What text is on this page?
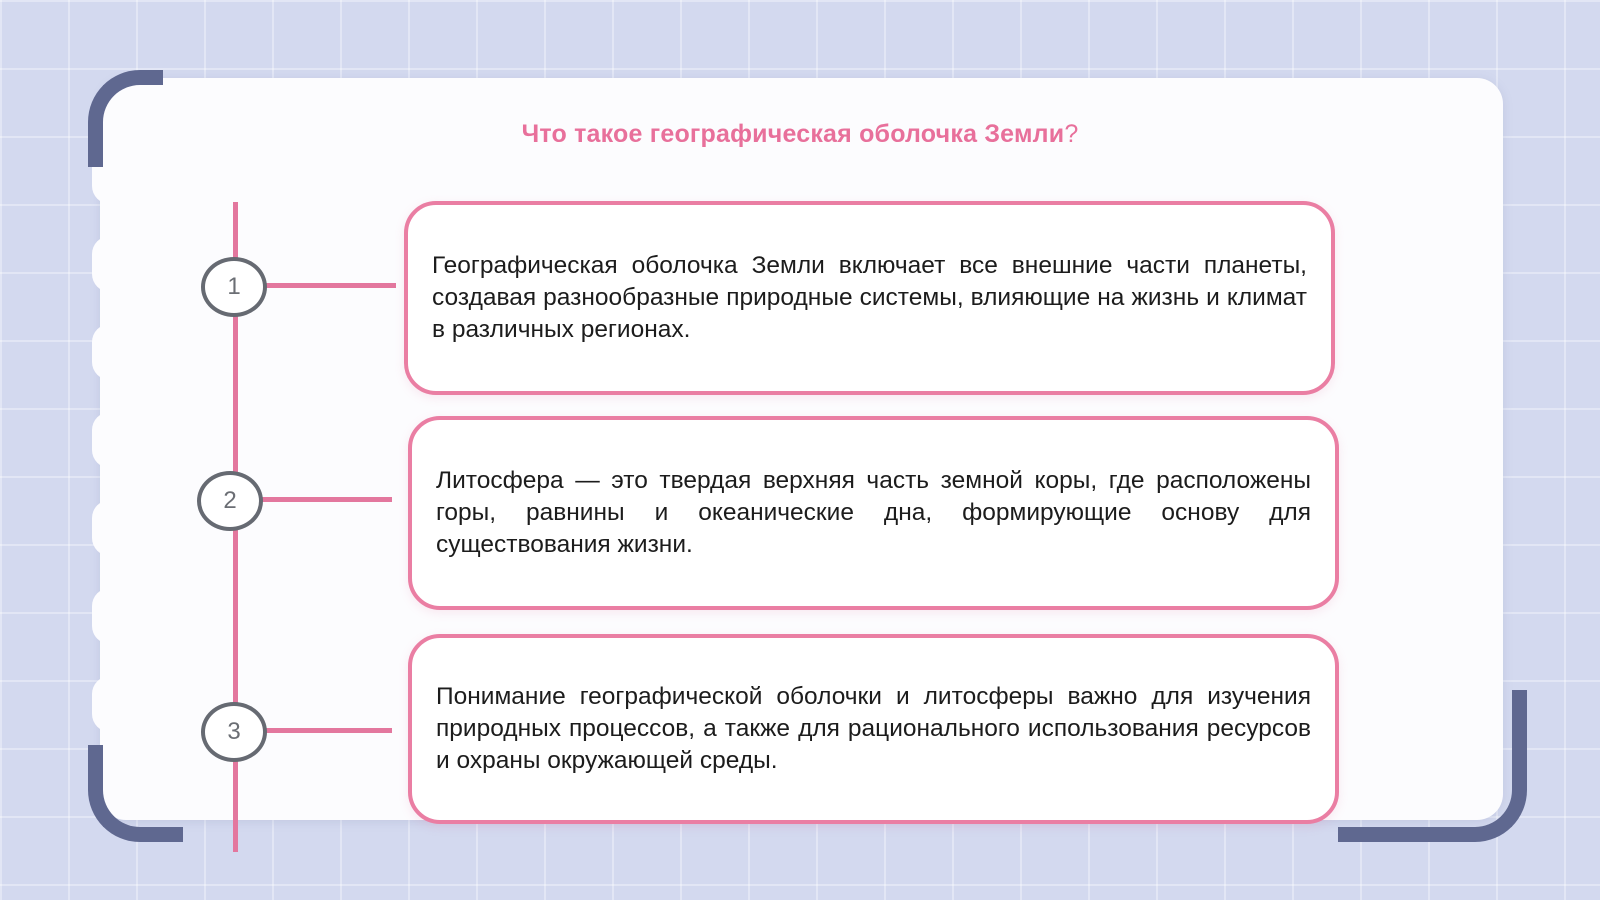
Что такое географическая оболочка Земли?
1
Географическая оболочка Земли включает все внешние части планеты, создавая разнообразные природные системы, влияющие на жизнь и климат в различных регионах.
2
Литосфера — это твердая верхняя часть земной коры, где расположены горы, равнины и океанические дна, формирующие основу для существования жизни.
3
Понимание географической оболочки и литосферы важно для изучения природных процессов, а также для рационального использования ресурсов и охраны окружающей среды.
